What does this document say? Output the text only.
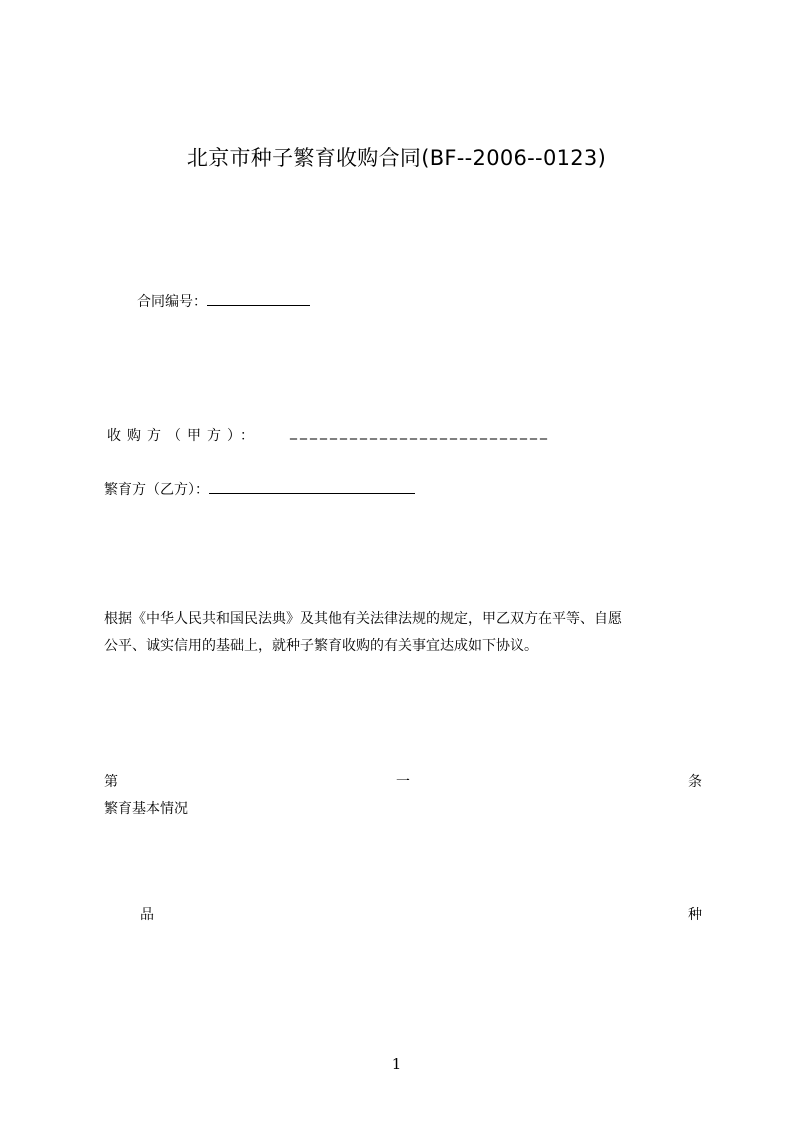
北京市种子繁育收购合同(BF--2006--0123)
合同编号：
收购方（甲方）： __________________________
繁育方（乙方）：
根据《中华人民共和国民法典》及其他有关法律法规的规定，甲乙双方在平等、自愿
公平、诚实信用的基础上，就种子繁育收购的有关事宜达成如下协议。
第	一	条
繁育基本情况
品	种
1
